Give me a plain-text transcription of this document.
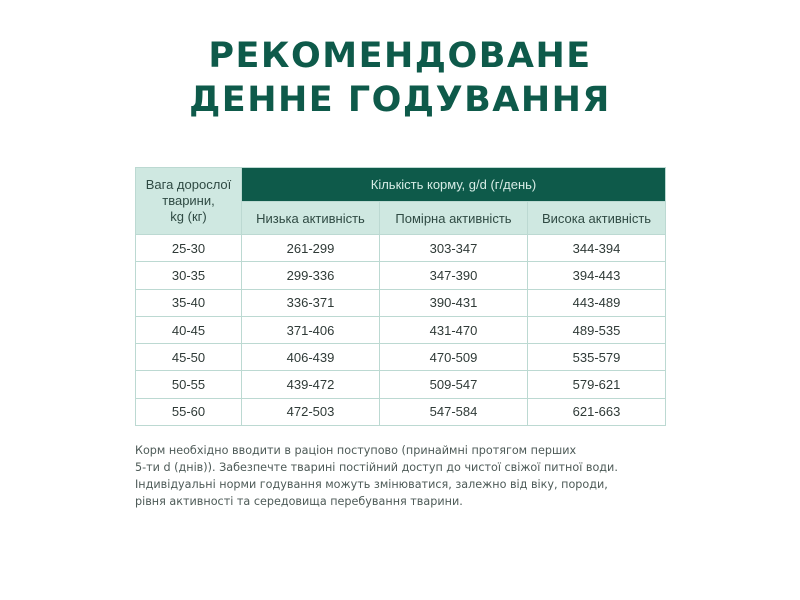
РЕКОМЕНДОВАНЕ
ДЕННЕ ГОДУВАННЯ
Вага дорослої
тварини,
kg (кг)	Кількість корму, g/d (г/день)		
	Низька активність	Помірна активність	Висока активність
25-30	261-299	303-347	344-394
30-35	299-336	347-390	394-443
35-40	336-371	390-431	443-489
40-45	371-406	431-470	489-535
45-50	406-439	470-509	535-579
50-55	439-472	509-547	579-621
55-60	472-503	547-584	621-663

Корм необхідно вводити в раціон поступово (принаймні протягом перших
5-ти d (днів)). Забезпечте тварині постійний доступ до чистої свіжої питної води.
Індивідуальні норми годування можуть змінюватися, залежно від віку, породи,
рівня активності та середовища перебування тварини.
